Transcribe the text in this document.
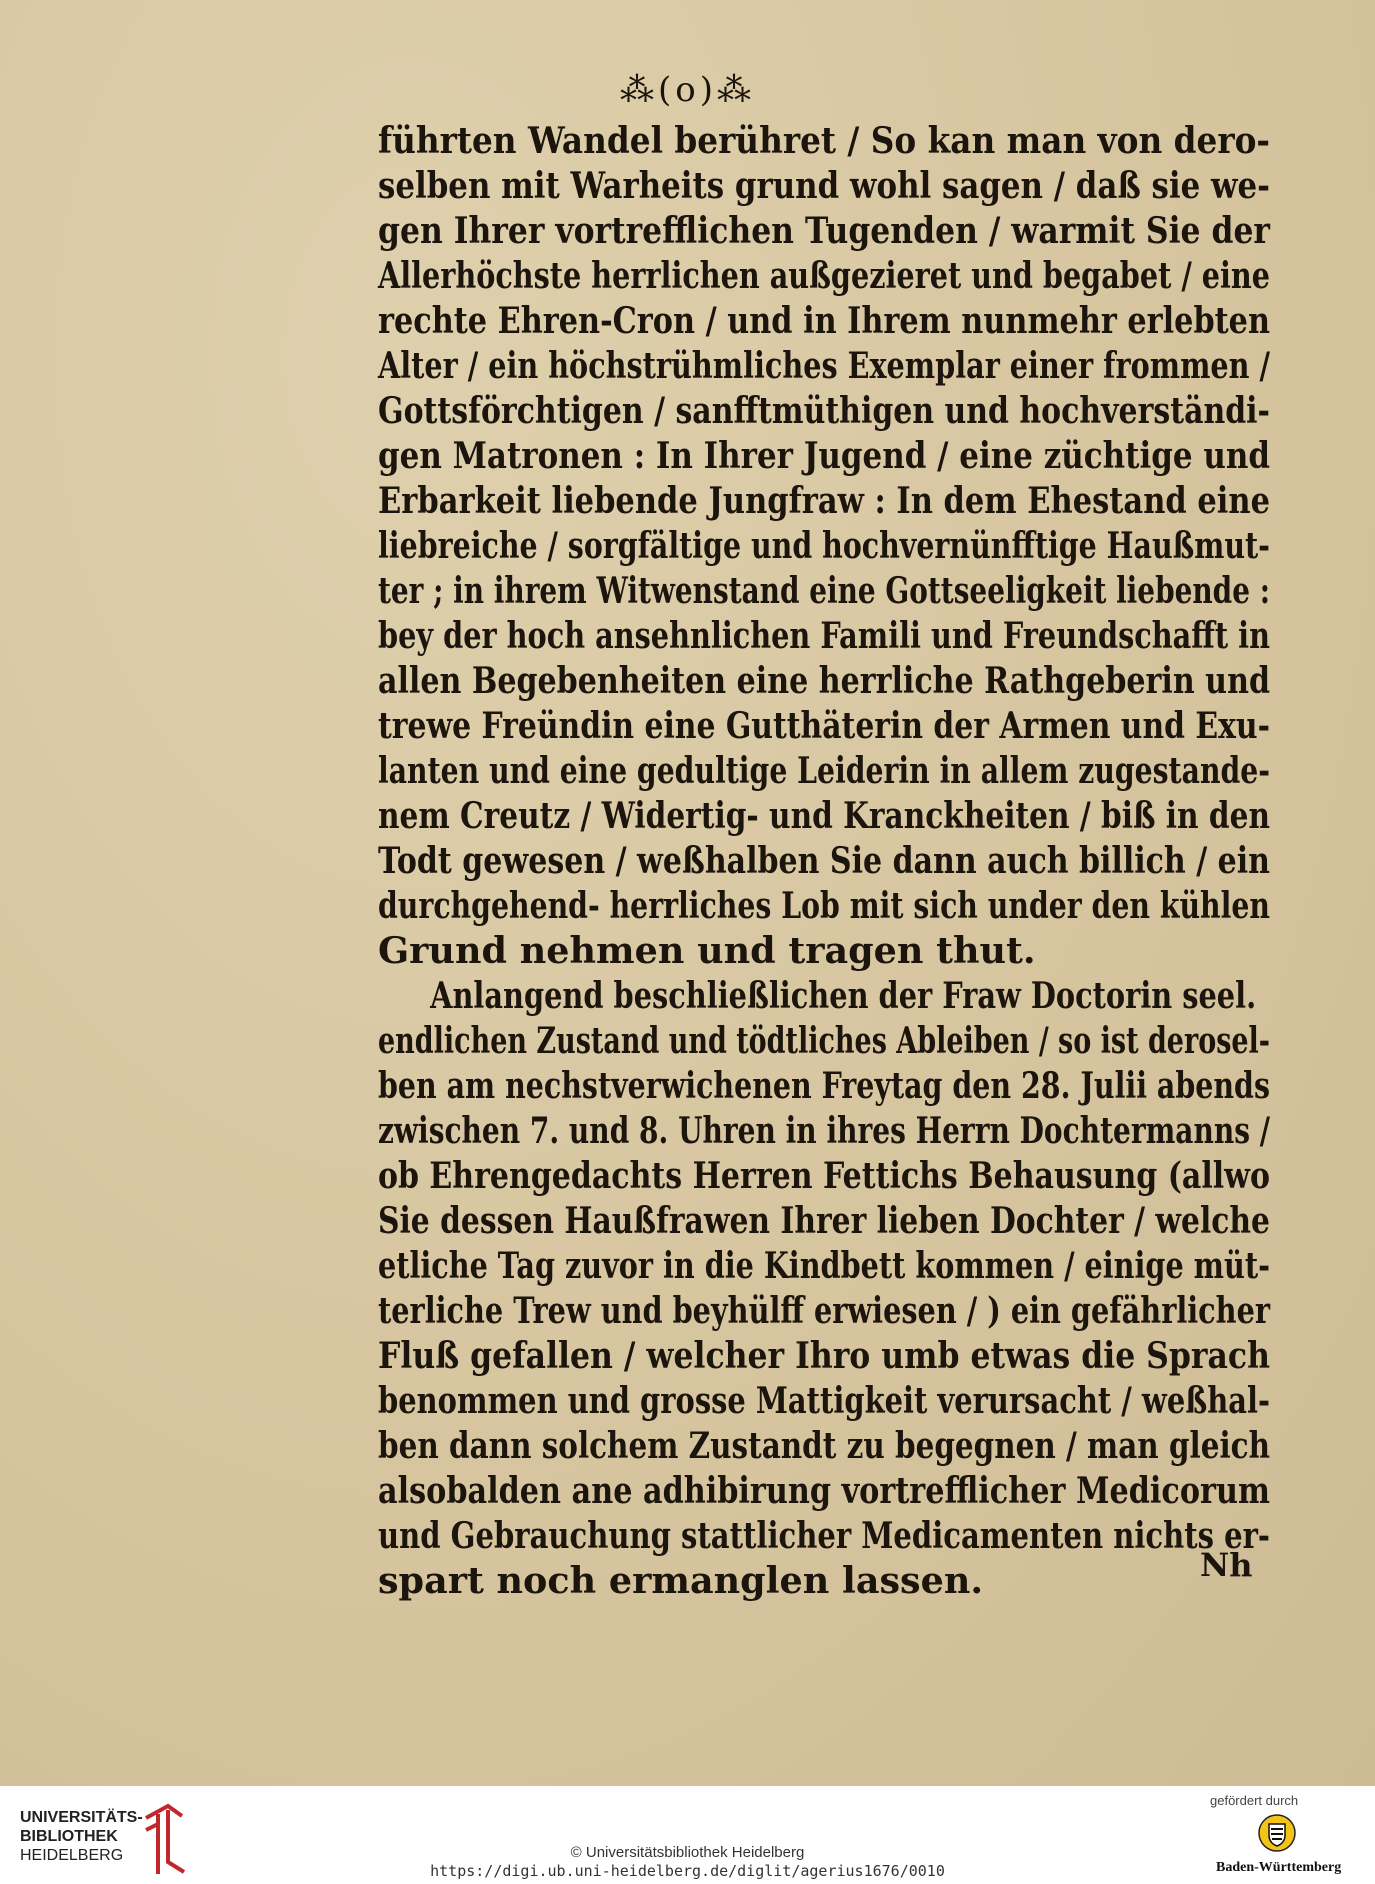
⁂(o)⁂
führten Wandel berühret / So kan man von dero-
selben mit Warheits grund wohl sagen / daß sie we-
gen Ihrer vortrefflichen Tugenden / warmit Sie der
Allerhöchste herrlichen außgezieret und begabet / eine
rechte Ehren-Cron / und in Ihrem nunmehr erlebten
Alter / ein höchstrühmliches Exemplar einer frommen /
Gottsförchtigen / sanfftmüthigen und hochverständi-
gen Matronen : In Ihrer Jugend / eine züchtige und
Erbarkeit liebende Jungfraw : In dem Ehestand eine
liebreiche / sorgfältige und hochvernünfftige Haußmut-
ter ; in ihrem Witwenstand eine Gottseeligkeit liebende :
bey der hoch ansehnlichen Famili und Freundschafft in
allen Begebenheiten eine herrliche Rathgeberin und
trewe Freündin eine Gutthäterin der Armen und Exu-
lanten und eine gedultige Leiderin in allem zugestande-
nem Creutz / Widertig- und Kranckheiten / biß in den
Todt gewesen / weßhalben Sie dann auch billich / ein
durchgehend- herrliches Lob mit sich under den kühlen
Grund nehmen und tragen thut.
Anlangend beschließlichen der Fraw Doctorin seel.
endlichen Zustand und tödtliches Ableiben / so ist derosel-
ben am nechstverwichenen Freytag den 28. Julii abends
zwischen 7. und 8. Uhren in ihres Herrn Dochtermanns /
ob Ehrengedachts Herren Fettichs Behausung (allwo
Sie dessen Haußfrawen Ihrer lieben Dochter / welche
etliche Tag zuvor in die Kindbett kommen / einige müt-
terliche Trew und beyhülff erwiesen / ) ein gefährlicher
Fluß gefallen / welcher Ihro umb etwas die Sprach
benommen und grosse Mattigkeit verursacht / weßhal-
ben dann solchem Zustandt zu begegnen / man gleich
alsobalden ane adhibirung vortrefflicher Medicorum
und Gebrauchung stattlicher Medicamenten nichts er-
spart noch ermanglen lassen.	Nh
UNIVERSITÄTS-
BIBLIOTHEK
HEIDELBERG	© Universitätsbibliothek Heidelberg
https://digi.ub.uni-heidelberg.de/diglit/agerius1676/0010
gefördert durch
Baden-Württemberg
